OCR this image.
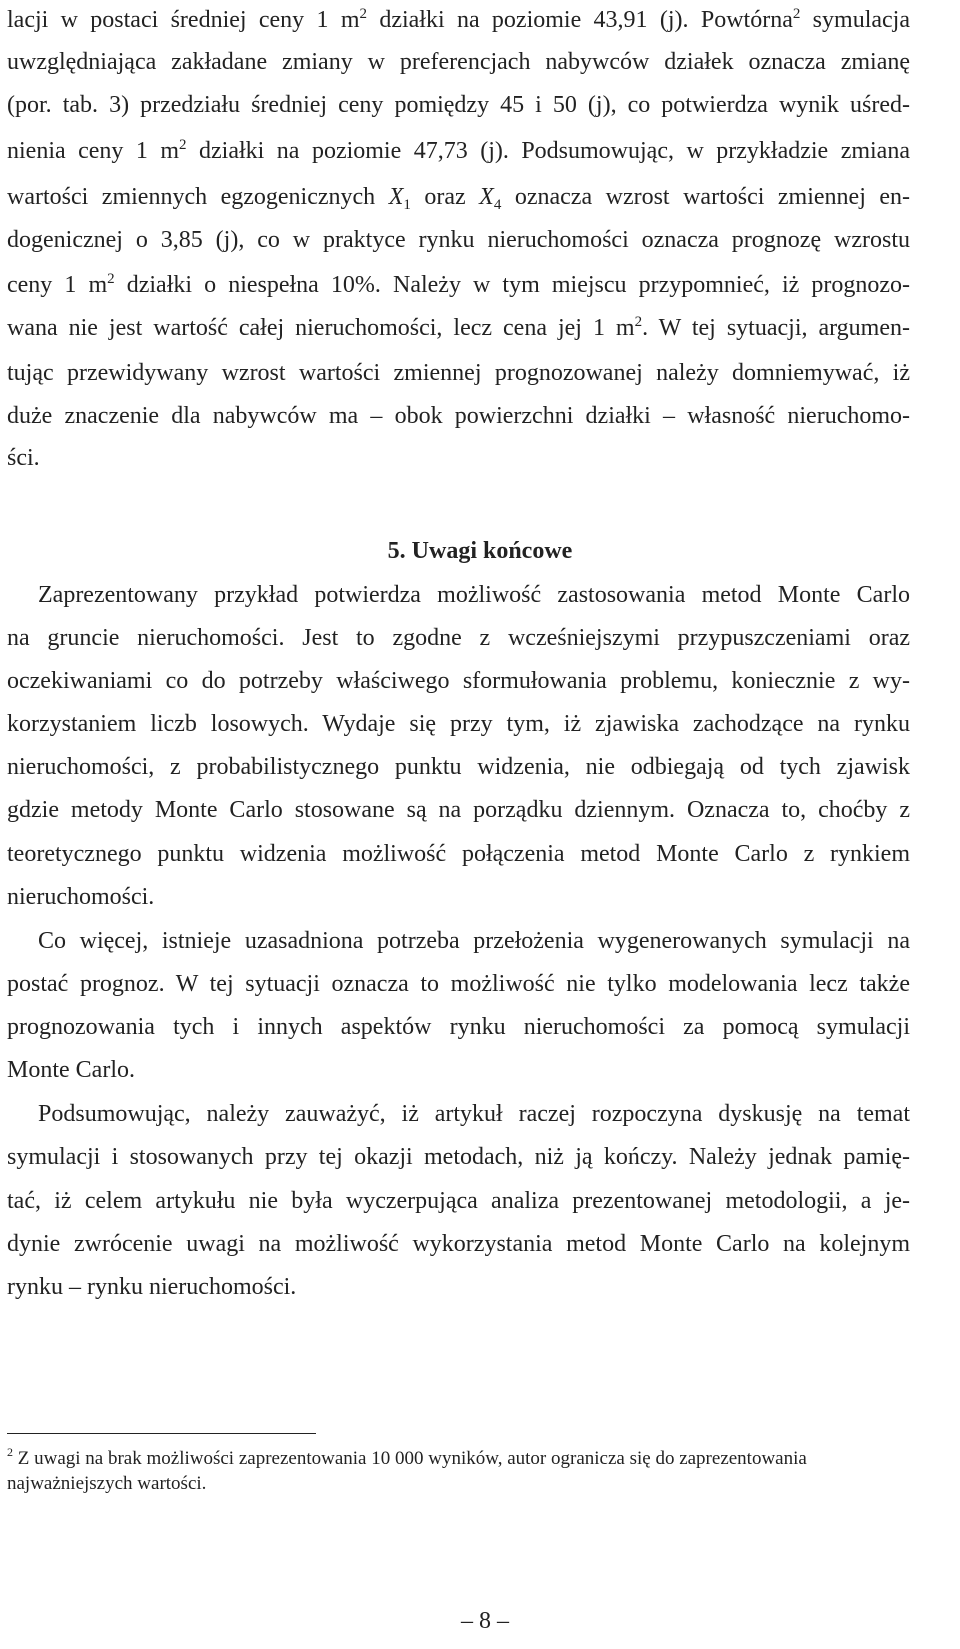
lacji w postaci średniej ceny 1 $m^2$ działki na poziomie 43,91 (j). Powtórna$^2$ symulacja
uwzględniająca zakładane zmiany w preferencjach nabywców działek oznacza zmianę
(por. tab. 3) przedziału średniej ceny pomiędzy 45 i 50 (j), co potwierdza wynik uśred-
nienia ceny 1 $m^2$ działki na poziomie 47,73 (j). Podsumowując, w przykładzie zmiana
wartości zmiennych egzogenicznych $X_1$ oraz $X_4$ oznacza wzrost wartości zmiennej en-
dogenicznej o 3,85 (j), co w praktyce rynku nieruchomości oznacza prognozę wzrostu
ceny 1 $m^2$ działki o niespełna 10%. Należy w tym miejscu przypomnieć, iż prognozo-
wana nie jest wartość całej nieruchomości, lecz cena jej 1 $m^2$. W tej sytuacji, argumen-
tując przewidywany wzrost wartości zmiennej prognozowanej należy domniemywać, iż
duże znaczenie dla nabywców ma – obok powierzchni działki – własność nieruchomo-
ści.
5. Uwagi końcowe
Zaprezentowany przykład potwierdza możliwość zastosowania metod Monte Carlo
na gruncie nieruchomości. Jest to zgodne z wcześniejszymi przypuszczeniami oraz
oczekiwaniami co do potrzeby właściwego sformułowania problemu, koniecznie z wy-
korzystaniem liczb losowych. Wydaje się przy tym, iż zjawiska zachodzące na rynku
nieruchomości, z probabilistycznego punktu widzenia, nie odbiegają od tych zjawisk
gdzie metody Monte Carlo stosowane są na porządku dziennym. Oznacza to, choćby z
teoretycznego punktu widzenia możliwość połączenia metod Monte Carlo z rynkiem
nieruchomości.
Co więcej, istnieje uzasadniona potrzeba przełożenia wygenerowanych symulacji na
postać prognoz. W tej sytuacji oznacza to możliwość nie tylko modelowania lecz także
prognozowania tych i innych aspektów rynku nieruchomości za pomocą symulacji
Monte Carlo.
Podsumowując, należy zauważyć, iż artykuł raczej rozpoczyna dyskusję na temat
symulacji i stosowanych przy tej okazji metodach, niż ją kończy. Należy jednak pamię-
tać, iż celem artykułu nie była wyczerpująca analiza prezentowanej metodologii, a je-
dynie zwrócenie uwagi na możliwość wykorzystania metod Monte Carlo na kolejnym
rynku – rynku nieruchomości.
$^2$ Z uwagi na brak możliwości zaprezentowania 10 000 wyników, autor ogranicza się do zaprezentowania
najważniejszych wartości.
– 8 –
